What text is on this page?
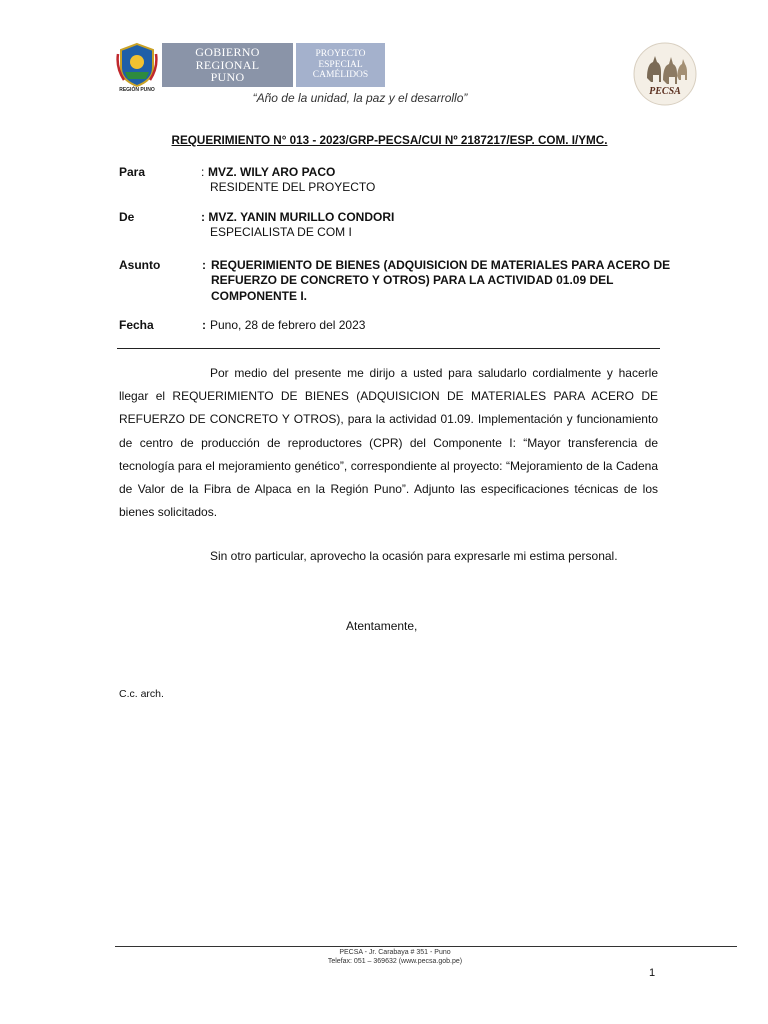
REGIÓN PUNO
GOBIERNO
REGIONAL
PUNO
PROYECTO
ESPECIAL
CAMÉLIDOS
“Año de la unidad, la paz y el desarrollo”	PECSA
REQUERIMIENTO N° 013 - 2023/GRP-PECSA/CUI Nº 2187217/ESP. COM. I/YMC.
Para	: MVZ. WILY ARO PACO
RESIDENTE DEL PROYECTO
De	: MVZ. YANIN MURILLO CONDORI
ESPECIALISTA DE COM I
Asunto	: REQUERIMIENTO DE BIENES (ADQUISICION DE MATERIALES PARA ACERO DE
REFUERZO DE CONCRETO Y OTROS) PARA LA ACTIVIDAD 01.09 DEL
COMPONENTE I.
Fecha	: Puno, 28 de febrero del 2023
Por medio del presente me dirijo a usted para saludarlo cordialmente y hacerle llegar el REQUERIMIENTO DE BIENES (ADQUISICION DE MATERIALES PARA ACERO DE REFUERZO DE CONCRETO Y OTROS), para la actividad 01.09. Implementación y funcionamiento de centro de producción de reproductores (CPR) del Componente I: “Mayor transferencia de tecnología para el mejoramiento genético”, correspondiente al proyecto: “Mejoramiento de la Cadena de Valor de la Fibra de Alpaca en la Región Puno”. Adjunto las especificaciones técnicas de los bienes solicitados.
Sin otro particular, aprovecho la ocasión para expresarle mi estima personal.
Atentamente,
C.c. arch.
PECSA - Jr. Carabaya # 351 - Puno
Telefax: 051 – 369632 (www.pecsa.gob.pe)
1
